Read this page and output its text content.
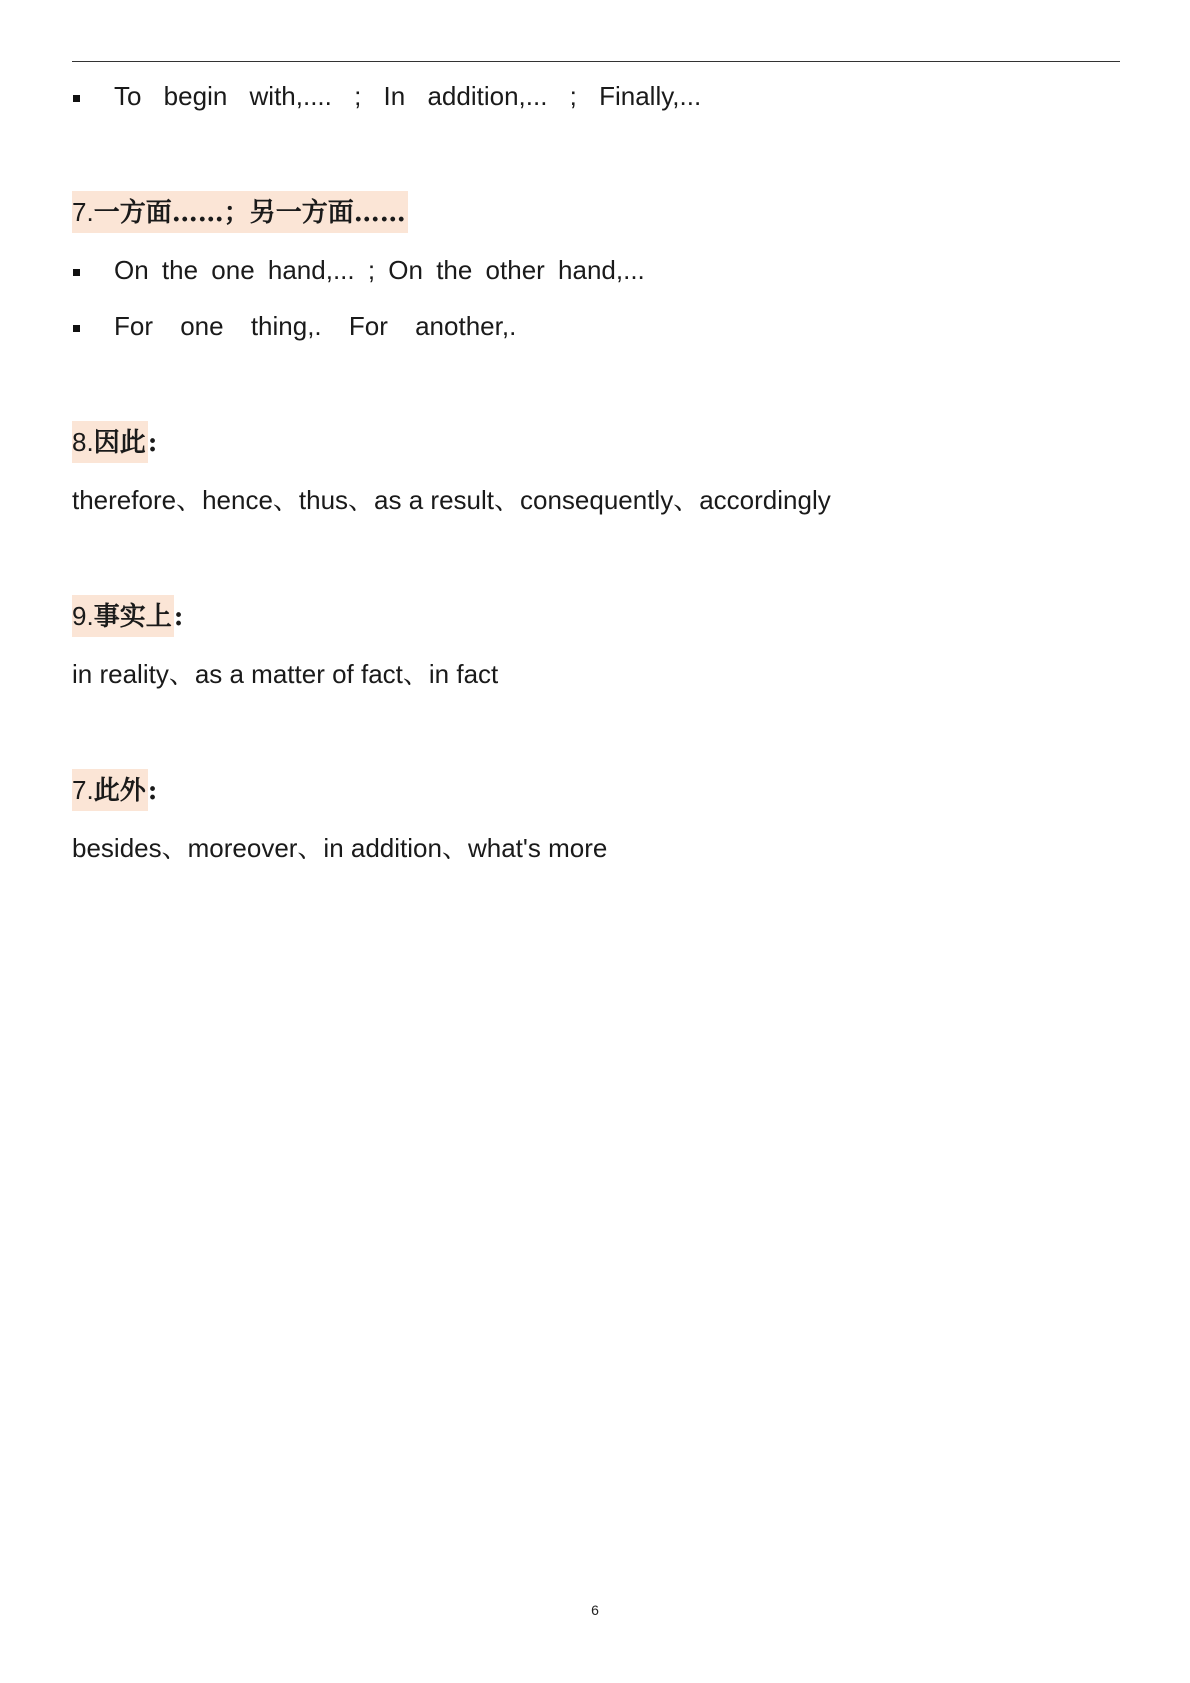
To begin with,.... ; In addition,... ; Finally,...
7.一方面……；另一方面……
On the one hand,... ; On the other hand,...
For one thing,. For another,.
8.因此:
therefore、hence、thus、as a result、consequently、accordingly
9.事实上:
in reality、as a matter of fact、in fact
7.此外:
besides、moreover、in addition、what's more
6
